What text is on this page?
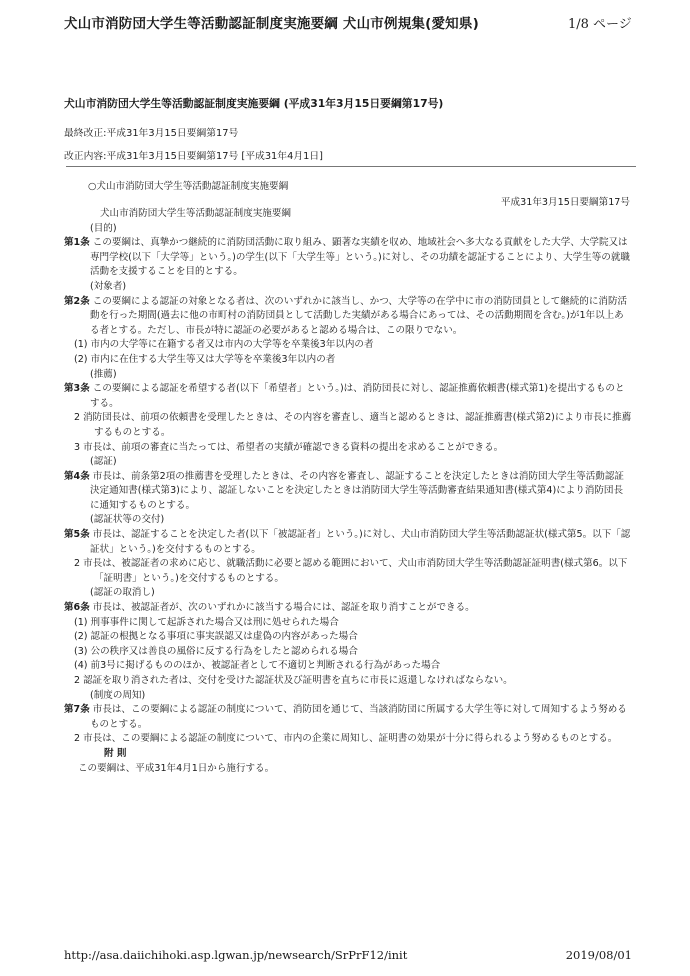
犬山市消防団大学生等活動認証制度実施要綱 犬山市例規集(愛知県)	1/8 ページ
犬山市消防団大学生等活動認証制度実施要綱 (平成31年3月15日要綱第17号)
最終改正:平成31年3月15日要綱第17号
改正内容:平成31年3月15日要綱第17号 [平成31年4月1日]
○犬山市消防団大学生等活動認証制度実施要綱
平成31年3月15日要綱第17号

犬山市消防団大学生等活動認証制度実施要綱

(目的)

第1条 この要綱は、真摯かつ継続的に消防団活動に取り組み、顕著な実績を収め、地域社会へ多大なる貢献をした大学、大学院又は専門学校(以下「大学等」という。)の学生(以下「大学生等」という。)に対し、その功績を認証することにより、大学生等の就職活動を支援することを目的とする。

(対象者)

第2条 この要綱による認証の対象となる者は、次のいずれかに該当し、かつ、大学等の在学中に市の消防団員として継続的に消防活動を行った期間(過去に他の市町村の消防団員として活動した実績がある場合にあっては、その活動期間を含む。)が1年以上ある者とする。ただし、市長が特に認証の必要があると認める場合は、この限りでない。

(1) 市内の大学等に在籍する者又は市内の大学等を卒業後3年以内の者

(2) 市内に在住する大学生等又は大学等を卒業後3年以内の者

(推薦)

第3条 この要綱による認証を希望する者(以下「希望者」という。)は、消防団長に対し、認証推薦依頼書(様式第1)を提出するものとする。

2 消防団長は、前項の依頼書を受理したときは、その内容を審査し、適当と認めるときは、認証推薦書(様式第2)により市長に推薦するものとする。

3 市長は、前項の審査に当たっては、希望者の実績が確認できる資料の提出を求めることができる。

(認証)

第4条 市長は、前条第2項の推薦書を受理したときは、その内容を審査し、認証することを決定したときは消防団大学生等活動認証決定通知書(様式第3)により、認証しないことを決定したときは消防団大学生等活動審査結果通知書(様式第4)により消防団長に通知するものとする。

(認証状等の交付)

第5条 市長は、認証することを決定した者(以下「被認証者」という。)に対し、犬山市消防団大学生等活動認証状(様式第5。以下「認証状」という。)を交付するものとする。

2 市長は、被認証者の求めに応じ、就職活動に必要と認める範囲において、犬山市消防団大学生等活動認証証明書(様式第6。以下「証明書」という。)を交付するものとする。

(認証の取消し)

第6条 市長は、被認証者が、次のいずれかに該当する場合には、認証を取り消すことができる。

(1) 刑事事件に関して起訴された場合又は刑に処せられた場合

(2) 認証の根拠となる事項に事実誤認又は虚偽の内容があった場合

(3) 公の秩序又は善良の風俗に反する行為をしたと認められる場合

(4) 前3号に掲げるもののほか、被認証者として不適切と判断される行為があった場合

2 認証を取り消された者は、交付を受けた認証状及び証明書を直ちに市長に返還しなければならない。

(制度の周知)

第7条 市長は、この要綱による認証の制度について、消防団を通じて、当該消防団に所属する大学生等に対して周知するよう努めるものとする。

2 市長は、この要綱による認証の制度について、市内の企業に周知し、証明書の効果が十分に得られるよう努めるものとする。

附 則

この要綱は、平成31年4月1日から施行する。

http://asa.daiichihoki.asp.lgwan.jp/newsearch/SrPrF12/init	2019/08/01
